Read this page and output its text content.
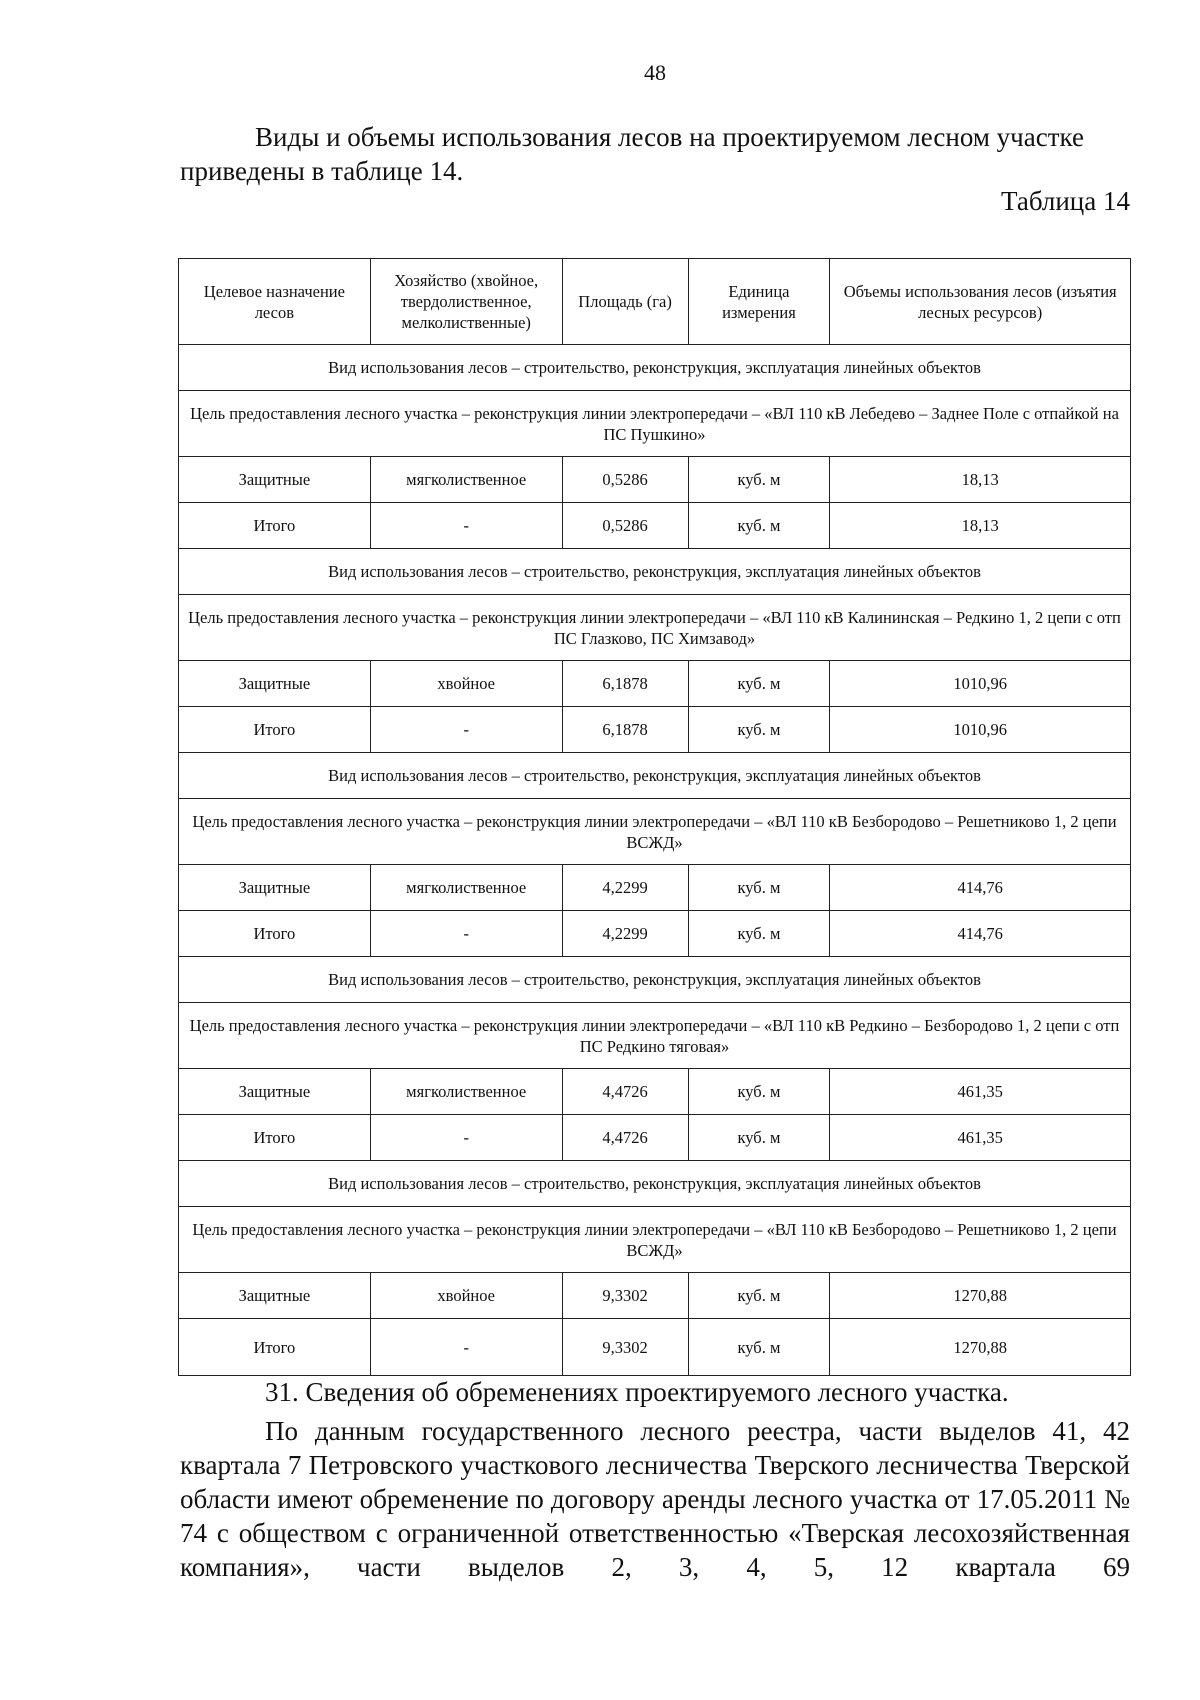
48
Виды и объемы использования лесов на проектируемом лесном участке приведены в таблице 14.
Таблица 14
Целевое назначение лесов	Хозяйство (хвойное, твердолиственное, мелколиственные)	Площадь (га)	Единица измерения	Объемы использования лесов (изъятия лесных ресурсов)
Вид использования лесов – строительство, реконструкция, эксплуатация линейных объектов				
Цель предоставления лесного участка – реконструкция линии электропередачи – «ВЛ 110 кВ Лебедево – Заднее Поле с отпайкой на ПС Пушкино»				
Защитные	мягколиственное	0,5286	куб. м	18,13
Итого	-	0,5286	куб. м	18,13
Вид использования лесов – строительство, реконструкция, эксплуатация линейных объектов				
Цель предоставления лесного участка – реконструкция линии электропередачи – «ВЛ 110 кВ Калининская – Редкино 1, 2 цепи с отп ПС Глазково, ПС Химзавод»				
Защитные	хвойное	6,1878	куб. м	1010,96
Итого	-	6,1878	куб. м	1010,96
Вид использования лесов – строительство, реконструкция, эксплуатация линейных объектов				
Цель предоставления лесного участка – реконструкция линии электропередачи – «ВЛ 110 кВ Безбородово – Решетниково 1, 2 цепи ВСЖД»				
Защитные	мягколиственное	4,2299	куб. м	414,76
Итого	-	4,2299	куб. м	414,76
Вид использования лесов – строительство, реконструкция, эксплуатация линейных объектов				
Цель предоставления лесного участка – реконструкция линии электропередачи – «ВЛ 110 кВ Редкино – Безбородово 1, 2 цепи с отп ПС Редкино тяговая»				
Защитные	мягколиственное	4,4726	куб. м	461,35
Итого	-	4,4726	куб. м	461,35
Вид использования лесов – строительство, реконструкция, эксплуатация линейных объектов				
Цель предоставления лесного участка – реконструкция линии электропередачи – «ВЛ 110 кВ Безбородово – Решетниково 1, 2 цепи ВСЖД»				
Защитные	хвойное	9,3302	куб. м	1270,88
Итого	-	9,3302	куб. м	1270,88
31. Сведения об обременениях проектируемого лесного участка.
По данным государственного лесного реестра, части выделов 41, 42 квартала 7 Петровского участкового лесничества Тверского лесничества Тверской области имеют обременение по договору аренды лесного участка от 17.05.2011 № 74 с обществом с ограниченной ответственностью «Тверская лесохозяйственная компания», части выделов 2, 3, 4, 5, 12 квартала 69
